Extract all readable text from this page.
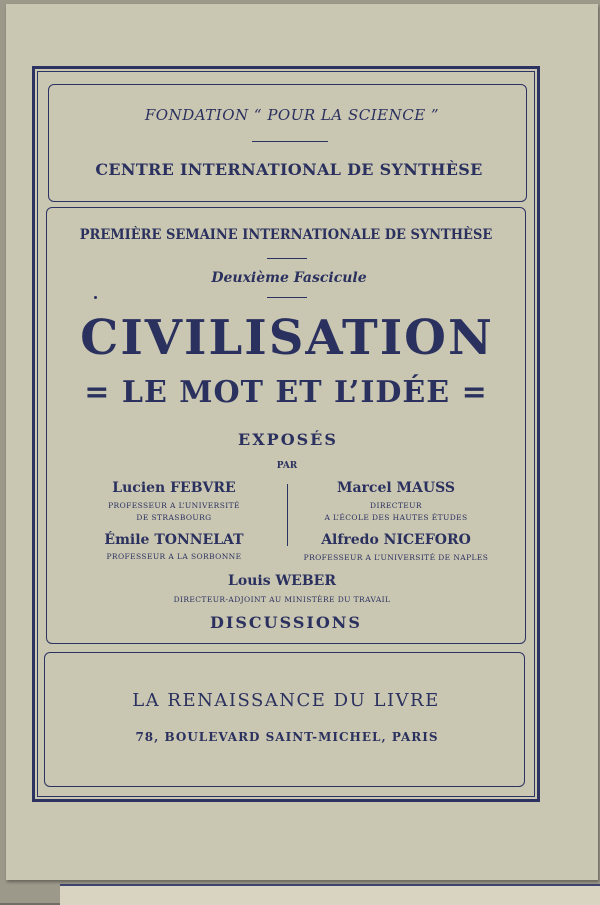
FONDATION “ POUR LA SCIENCE ”
CENTRE INTERNATIONAL DE SYNTHÈSE
PREMIÈRE SEMAINE INTERNATIONALE DE SYNTHÈSE
Deuxième Fascicule
CIVILISATION
= LE MOT ET L’IDÉE =
EXPOSÉS
PAR
Lucien FEBVRE
PROFESSEUR A L’UNIVERSITÉ
DE STRASBOURG
Marcel MAUSS
DIRECTEUR
A L’ÉCOLE DES HAUTES ÉTUDES
Émile TONNELAT
PROFESSEUR A LA SORBONNE
Alfredo NICEFORO
PROFESSEUR A L’UNIVERSITÉ DE NAPLES
Louis WEBER
DIRECTEUR-ADJOINT AU MINISTÈRE DU TRAVAIL
DISCUSSIONS
LA RENAISSANCE DU LIVRE
78, BOULEVARD SAINT-MICHEL, PARIS
